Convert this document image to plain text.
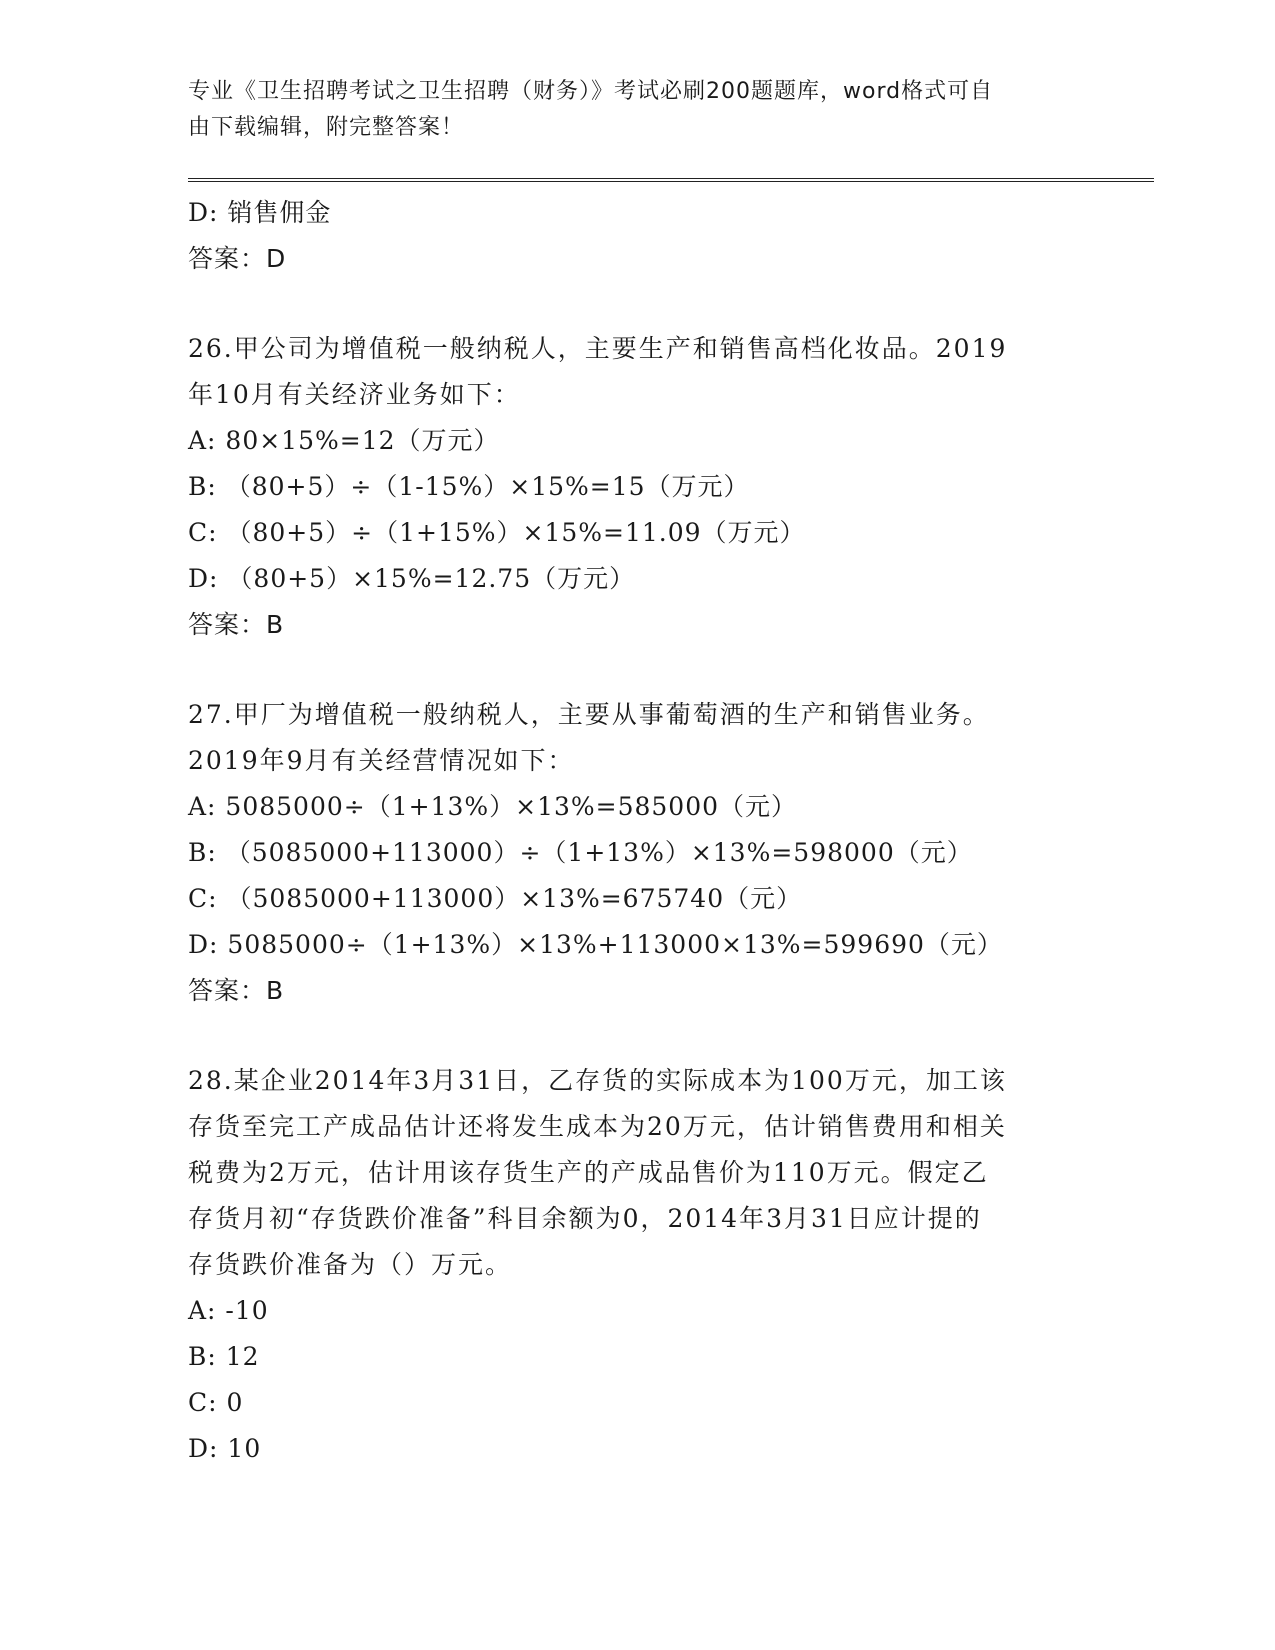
专业《卫生招聘考试之卫生招聘（财务）》考试必刷200题题库，word格式可自
由下载编辑，附完整答案！
D: 销售佣金
答案：D
26.甲公司为增值税一般纳税人，主要生产和销售高档化妆品。2019
年10月有关经济业务如下：
A: 80×15%=12（万元）
B: （80+5）÷（1-15%）×15%=15（万元）
C: （80+5）÷（1+15%）×15%=11.09（万元）
D: （80+5）×15%=12.75（万元）
答案：B
27.甲厂为增值税一般纳税人，主要从事葡萄酒的生产和销售业务。
2019年9月有关经营情况如下：
A: 5085000÷（1+13%）×13%=585000（元）
B: （5085000+113000）÷（1+13%）×13%=598000（元）
C: （5085000+113000）×13%=675740（元）
D: 5085000÷（1+13%）×13%+113000×13%=599690（元）
答案：B
28.某企业2014年3月31日，乙存货的实际成本为100万元，加工该
存货至完工产成品估计还将发生成本为20万元，估计销售费用和相关
税费为2万元，估计用该存货生产的产成品售价为110万元。假定乙
存货月初“存货跌价准备”科目余额为0，2014年3月31日应计提的
存货跌价准备为（）万元。
A: -10
B: 12
C: 0
D: 10
